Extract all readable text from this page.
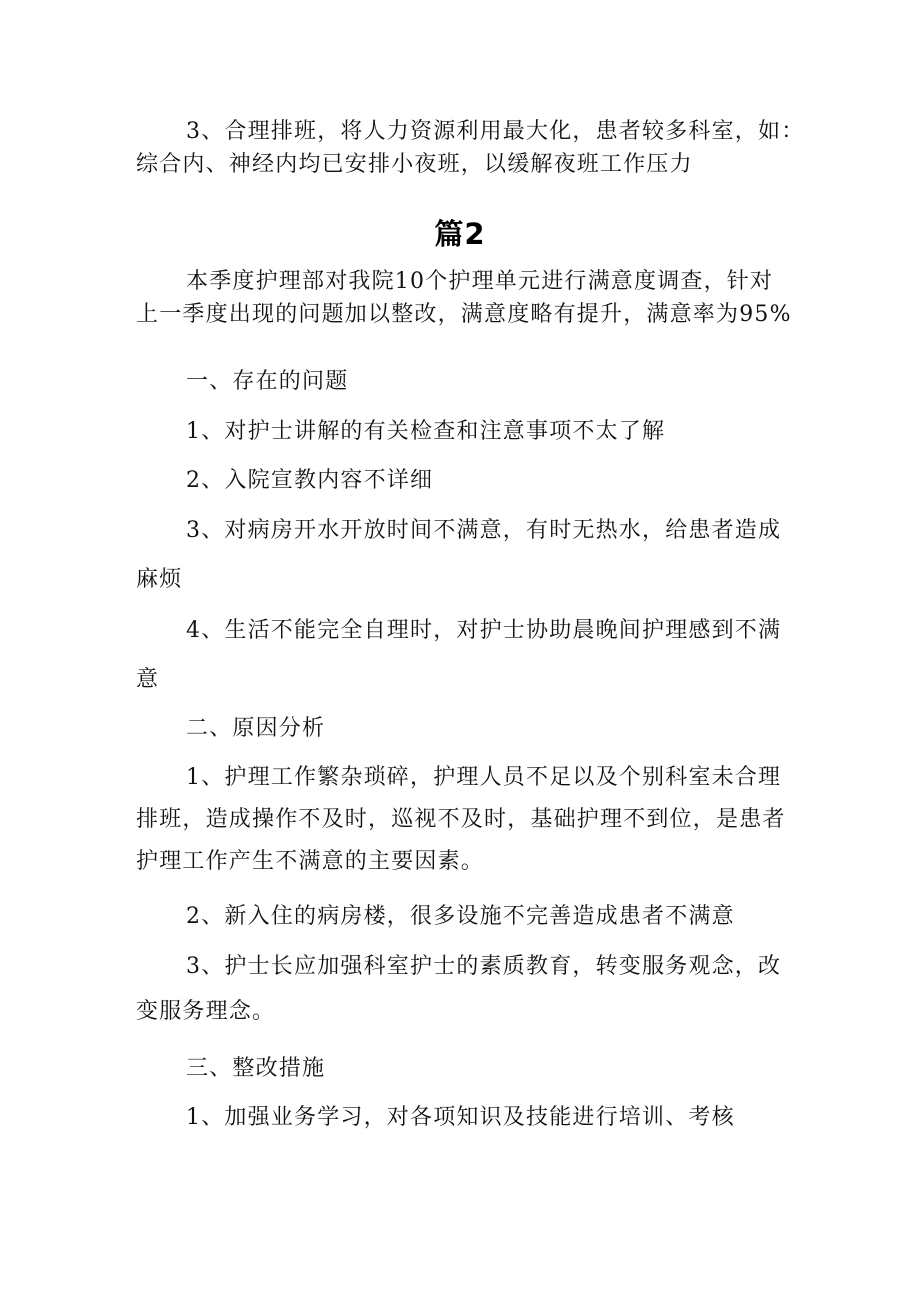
3、合理排班，将人力资源利用最大化，患者较多科室，如：
综合内、神经内均已安排小夜班，以缓解夜班工作压力
篇2
本季度护理部对我院10个护理单元进行满意度调查，针对
上一季度出现的问题加以整改，满意度略有提升，满意率为95%
一、存在的问题
1、对护士讲解的有关检查和注意事项不太了解
2、入院宣教内容不详细
3、对病房开水开放时间不满意，有时无热水，给患者造成
麻烦
4、生活不能完全自理时，对护士协助晨晚间护理感到不满
意
二、原因分析
1、护理工作繁杂琐碎，护理人员不足以及个别科室未合理
排班，造成操作不及时，巡视不及时，基础护理不到位，是患者
护理工作产生不满意的主要因素。
2、新入住的病房楼，很多设施不完善造成患者不满意
3、护士长应加强科室护士的素质教育，转变服务观念，改
变服务理念。
三、整改措施
1、加强业务学习，对各项知识及技能进行培训、考核
